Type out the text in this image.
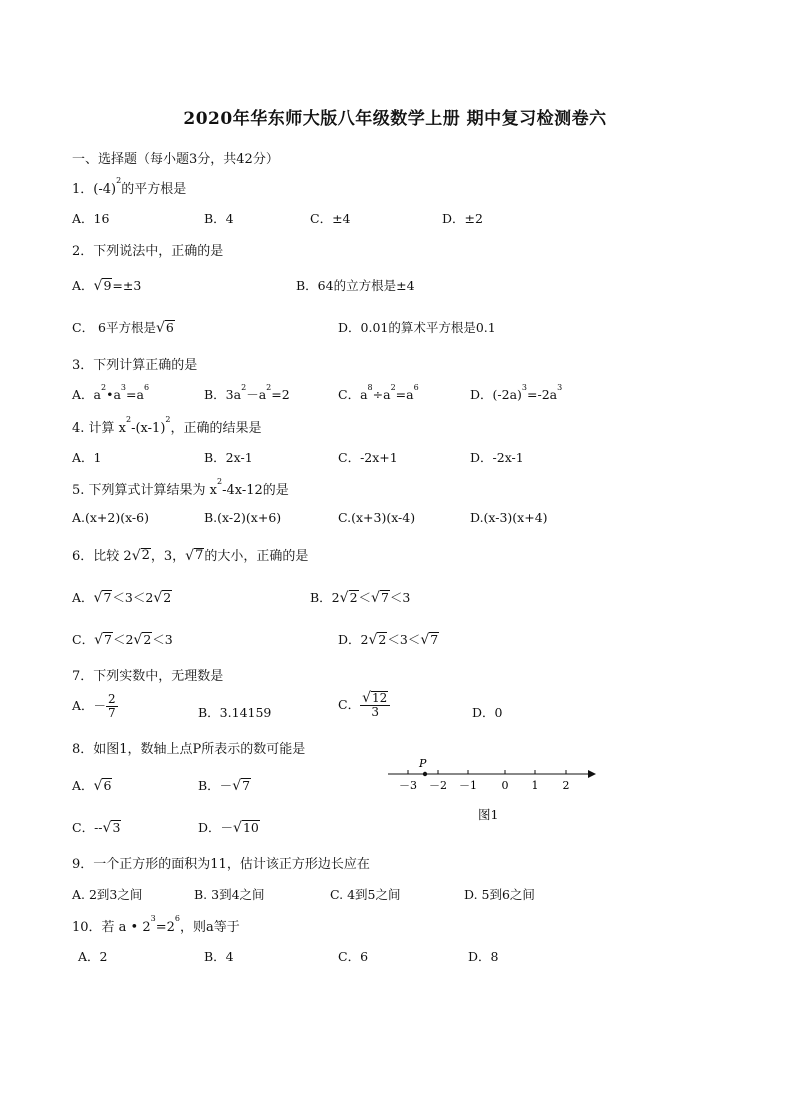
2020年华东师大版八年级数学上册 期中复习检测卷六
一、选择题（每小题3分，共42分）
1．$(-4)^2$的平方根是
A．16	B．4	C．±4	D．±2
2．下列说法中，正确的是
A． √ 9 =±3	B．64的立方根是±4
C． 6平方根是 √ 6	D．0.01的算术平方根是0.1
3．下列计算正确的是
A．$a^2•a^3=a^6$	B．$3a^2-a^2=2$	C．$a^8\div a^2=a^6$	D．$(-2a)^3=-2a^3$
4. 计算 $x^2-(x-1)^2$，正确的结果是
A．1	B．2x-1	C．-2x+1	D．-2x-1
5. 下列算式计算结果为 $x^2-4x-12$的是
A.(x+2)(x-6)	B.(x-2)(x+6)	C.(x+3)(x-4)	D.(x-3)(x+4)
6．比较 2 √ 2 ，3， √ 7 的大小，正确的是
A． √ 7 ＜3＜2 √ 2	B．2 √ 2 ＜ √ 7 ＜3
C． √ 7 ＜2 √ 2 ＜3	D．2 √ 2 ＜3＜ √ 7
7．下列实数中，无理数是
A．－ $\frac{2}{7}$	B．3.14159
C． $\frac{√ 12}{3}$	D．0
8．如图1，数轴上点P所表示的数可能是
A． √ 6	B．－ √ 7
C．-- √ 3	D．－ √ 10
－3 －2 －1 0 1 2
P
图1
9．一个正方形的面积为11，估计该正方形边长应在
A. 2到3之间	B. 3到4之间	C. 4到5之间	D. 5到6之间
10．若 a • $2^3=2^6$，则a等于
A．2	B．4	C．6	D．8
